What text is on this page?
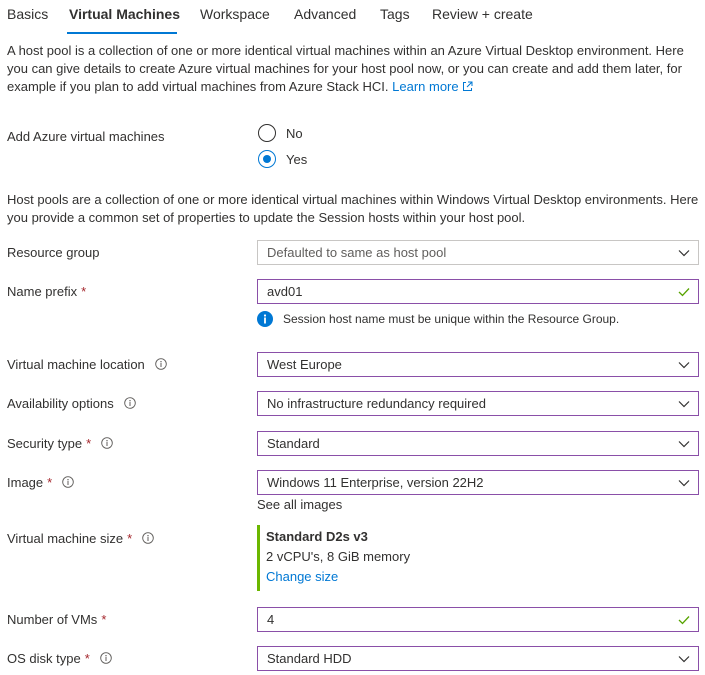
Basics Virtual Machines Workspace Advanced Tags Review + create
A host pool is a collection of one or more identical virtual machines within an Azure Virtual Desktop environment. Here you can give details to create Azure virtual machines for your host pool now, or you can create and add them later, for example if you plan to add virtual machines from Azure Stack HCI. Learn more
Add Azure virtual machines	No
Yes
Host pools are a collection of one or more identical virtual machines within Windows Virtual Desktop environments. Here you provide a common set of properties to update the Session hosts within your host pool.
Resource group	Defaulted to same as host pool
Name prefix *	avd01
Session host name must be unique within the Resource Group.
Virtual machine location	West Europe
Availability options	No infrastructure redundancy required
Security type *	Standard
Image *	Windows 11 Enterprise, version 22H2
See all images
Virtual machine size *	Standard D2s v3
2 vCPU's, 8 GiB memory
Change size
Number of VMs *	4
OS disk type *	Standard HDD
